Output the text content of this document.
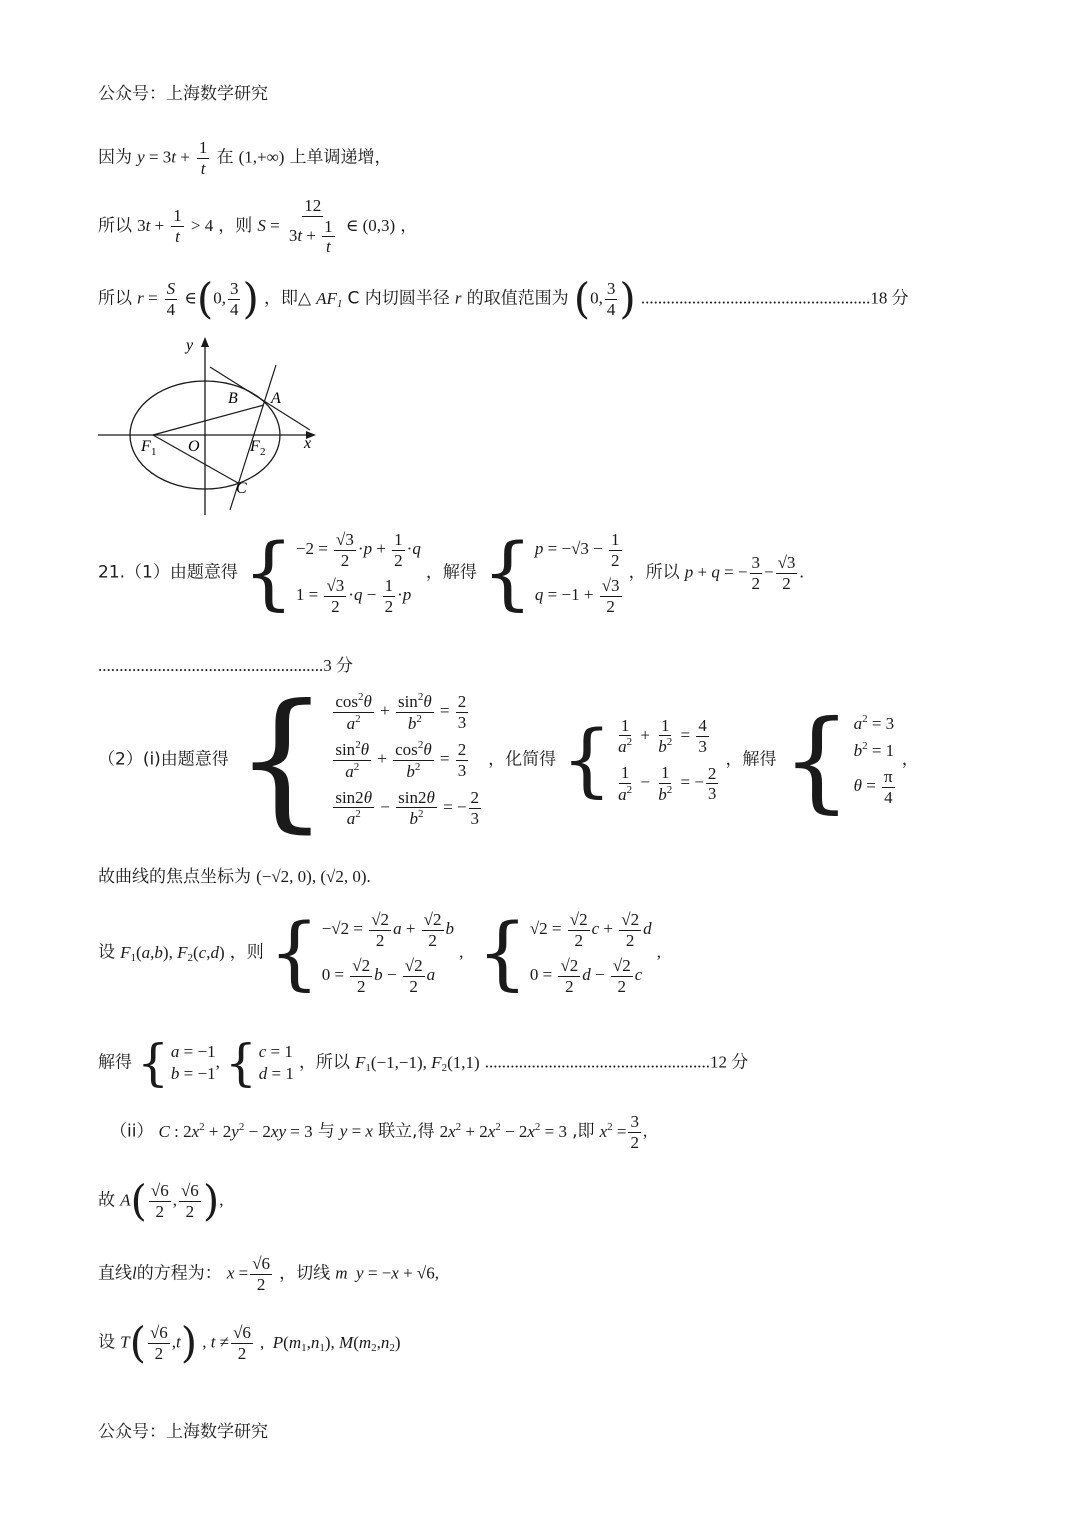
公众号：上海数学研究
因为 $y = 3t + \frac{1}{t}$ 在 (1,+∞) 上单调递增，
所以 $3t + \frac{1}{t} > 4$ ，则 $S = \frac{12}{3t + \frac{1}{t}}$ ∈ (0,3) ，
所以 $r = \frac{S}{4}$ ∈(0, $\frac{3}{4}$ ) ，即△ $AF_1$ C 内切圆半径 r 的取值范围为 (0, $\frac{3}{4}$ ) ......................................................18 分
y
x
O
A
B
C
F 1	F 2
21.（1）由题意得 { $-2 = \frac{√3}{2} \cdot p + \frac{1}{2} \cdot q$
$1 = \frac{√3}{2} \cdot q - \frac{1}{2} \cdot p$
，解得 { $p = -√3 - \frac{1}{2}$
$q = -1 + \frac{√3}{2}$
，所以 p + q = − $\frac{3}{2} - \frac{√3}{2}$ .
.....................................................3 分
（2）(i)由题意得 { $\frac{\cos^2\theta}{a^2} + \frac{\sin^2\theta}{b^2} = \frac{2}{3}$
$\frac{\sin^2\theta}{a^2} + \frac{\cos^2\theta}{b^2} = \frac{2}{3}$
$\frac{\sin 2\theta}{a^2} - \frac{\sin 2\theta}{b^2}$ = − $\frac{2}{3}$
，化简得 { $\frac{1}{a^2} + \frac{1}{b^2} = \frac{4}{3}$
$\frac{1}{a^2} - \frac{1}{b^2}$ = − $\frac{2}{3}$
，解得 { $a^2 = 3$
$b^2 = 1$
$\theta = \frac{\pi}{4}$
，
故曲线的焦点坐标为 (−√2, 0), (√2, 0).
设 $F_1(a,b)$, $F_2(c,d)$ ，则 { $-√2 = \frac{√2}{2}$ $a + \frac{√2}{2}$ b
$0 = \frac{√2}{2}$ $b - \frac{√2}{2}$ a
, { $√2 = \frac{√2}{2}$ $c + \frac{√2}{2}$ d
$0 = \frac{√2}{2}$ $d - \frac{√2}{2}$ c
,
解得 { a = −1
b = −1
, { c = 1
d = 1
，所以 $F_1(-1,-1)$, $F_2(1,1)$ .....................................................12 分
（ii） C : $2x^2 + 2y^2 - 2xy = 3$ 与 y = x 联立,得 $2x^2 + 2x^2 - 2x^2 = 3$ ,即 $x^2 = \frac{3}{2}$ ,
故 $A( \frac{√6}{2}$ , $\frac{√6}{2}$ ),
直线l的方程为： $x = \frac{√6}{2}$ ，切线 m y = −x + √6,
设 $T( \frac{√6}{2} ,t)$ , $t \ne \frac{√6}{2}$ ,  $P(m_1,n_1)$, $M(m_2,n_2)$
公众号：上海数学研究
